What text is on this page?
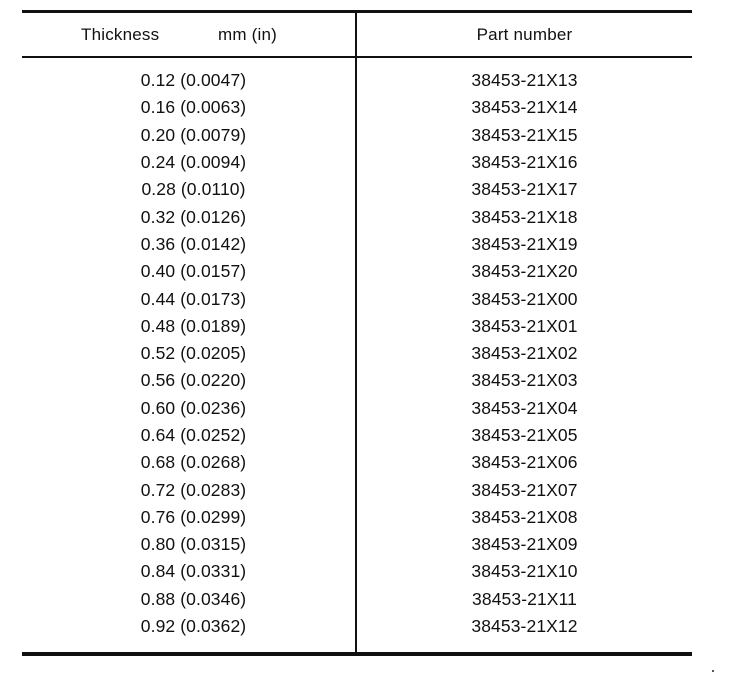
Thickness	mm (in)	Part number
0.12 (0.0047)	38453-21X13
0.16 (0.0063)	38453-21X14
0.20 (0.0079)	38453-21X15
0.24 (0.0094)	38453-21X16
0.28 (0.0110)	38453-21X17
0.32 (0.0126)	38453-21X18
0.36 (0.0142)	38453-21X19
0.40 (0.0157)	38453-21X20
0.44 (0.0173)	38453-21X00
0.48 (0.0189)	38453-21X01
0.52 (0.0205)	38453-21X02
0.56 (0.0220)	38453-21X03
0.60 (0.0236)	38453-21X04
0.64 (0.0252)	38453-21X05
0.68 (0.0268)	38453-21X06
0.72 (0.0283)	38453-21X07
0.76 (0.0299)	38453-21X08
0.80 (0.0315)	38453-21X09
0.84 (0.0331)	38453-21X10
0.88 (0.0346)	38453-21X11
0.92 (0.0362)	38453-21X12
